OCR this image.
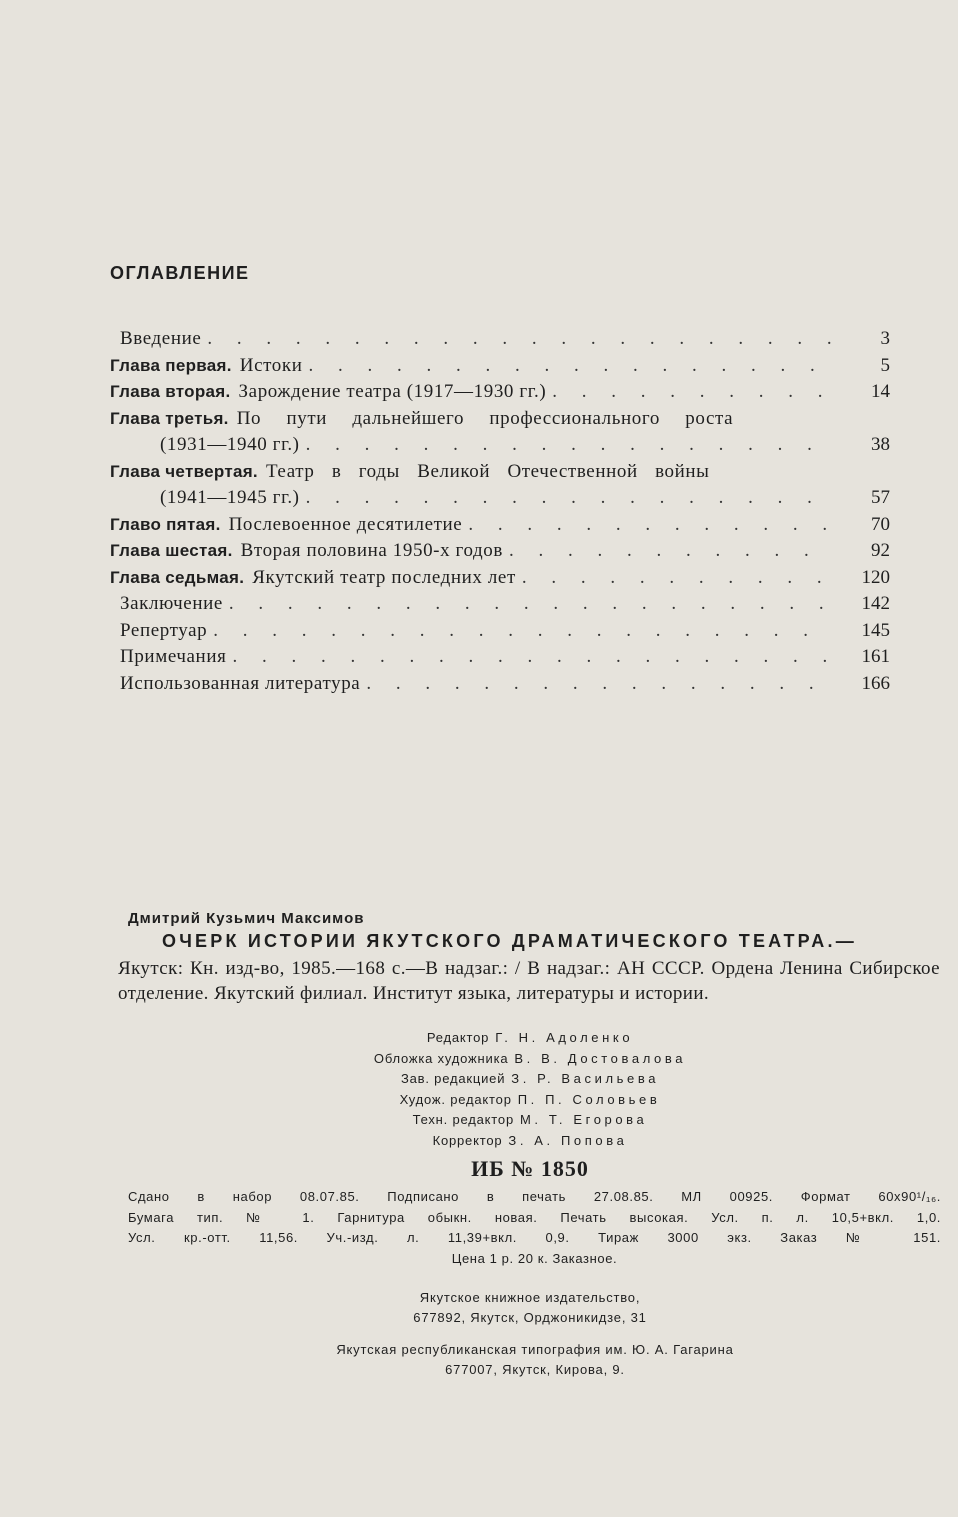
ОГЛАВЛЕНИЕ
Введение . . .	3
Глава первая. Истоки . . .	5
Глава вторая. Зарождение театра (1917—1930 гг.) . . .	14
Глава третья. По пути дальнейшего профессионального роста
(1931—1940 гг.) . . .	38
Глава четвертая. Театр в годы Великой Отечественной войны
(1941—1945 гг.) . . .	57
Главо пятая. Послевоенное десятилетие . . .	70
Глава шестая. Вторая половина 1950-х годов . . .	92
Глава седьмая. Якутский театр последних лет . . .	120
Заключение . . .	142
Репертуар . . .	145
Примечания . . .	161
Использованная литература . . .	166
Дмитрий Кузьмич Максимов
ОЧЕРК ИСТОРИИ ЯКУТСКОГО ДРАМАТИЧЕСКОГО ТЕАТРА.—
Якутск: Кн. изд-во, 1985.—168 с.—В надзаг.: / В надзаг.: АН СССР. Ордена Ленина Сибирское отделение. Якутский филиал. Институт языка, литературы и истории.
Редактор Г. Н. Адоленко
Обложка художника В. В. Достовалова
Зав. редакцией З. Р. Васильева
Худож. редактор П. П. Соловьев
Техн. редактор М. Т. Егорова
Корректор З. А. Попова
ИБ № 1850
Сдано в набор 08.07.85. Подписано в печать 27.08.85. МЛ 00925. Формат 60х90¹/₁₆.
Бумага тип. № 1. Гарнитура обыкн. новая. Печать высокая. Усл. п. л. 10,5+вкл. 1,0.
Усл. кр.-отт. 11,56. Уч.-изд. л. 11,39+вкл. 0,9. Тираж 3000 экз. Заказ № 151.
Цена 1 р. 20 к. Заказное.
Якутское книжное издательство,
677892, Якутск, Орджоникидзе, 31
Якутская республиканская типография им. Ю. А. Гагарина
677007, Якутск, Кирова, 9.
